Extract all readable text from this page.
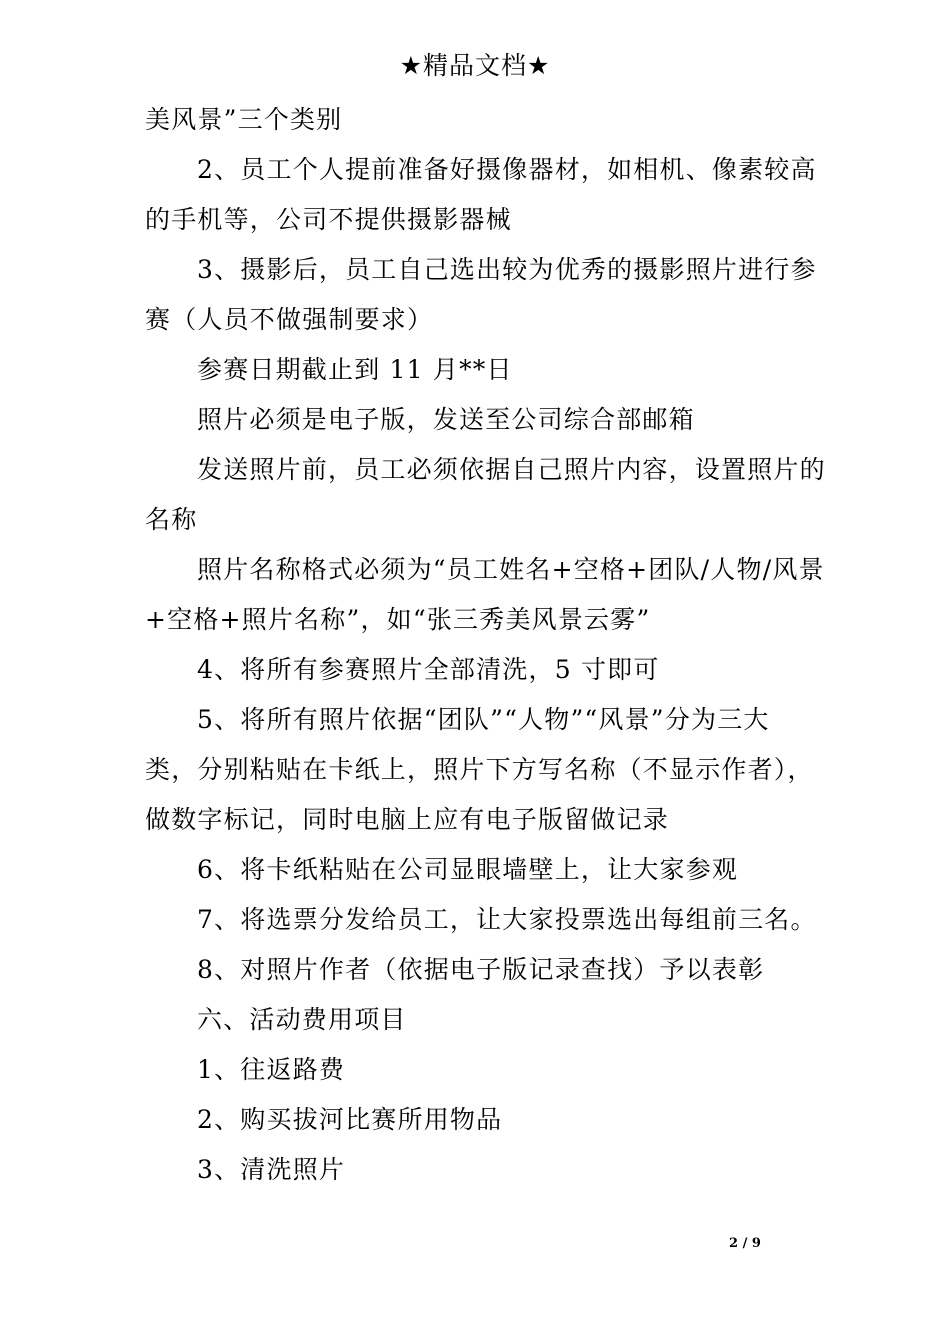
★精品文档★

美风景”三个类别

2、员工个人提前准备好摄像器材，如相机、像素较高

的手机等，公司不提供摄影器械

3、摄影后，员工自己选出较为优秀的摄影照片进行参

赛（人员不做强制要求）

参赛日期截止到 11 月**日

照片必须是电子版，发送至公司综合部邮箱

发送照片前，员工必须依据自己照片内容，设置照片的

名称

照片名称格式必须为“员工姓名+空格+团队/人物/风景

+空格+照片名称”，如“张三秀美风景云雾”

4、将所有参赛照片全部清洗，5 寸即可

5、将所有照片依据“团队”“人物”“风景”分为三大

类，分别粘贴在卡纸上，照片下方写名称（不显示作者），

做数字标记，同时电脑上应有电子版留做记录

6、将卡纸粘贴在公司显眼墙壁上，让大家参观

7、将选票分发给员工，让大家投票选出每组前三名。

8、对照片作者（依据电子版记录查找）予以表彰

六、活动费用项目

1、往返路费

2、购买拔河比赛所用物品

3、清洗照片

2 / 9
